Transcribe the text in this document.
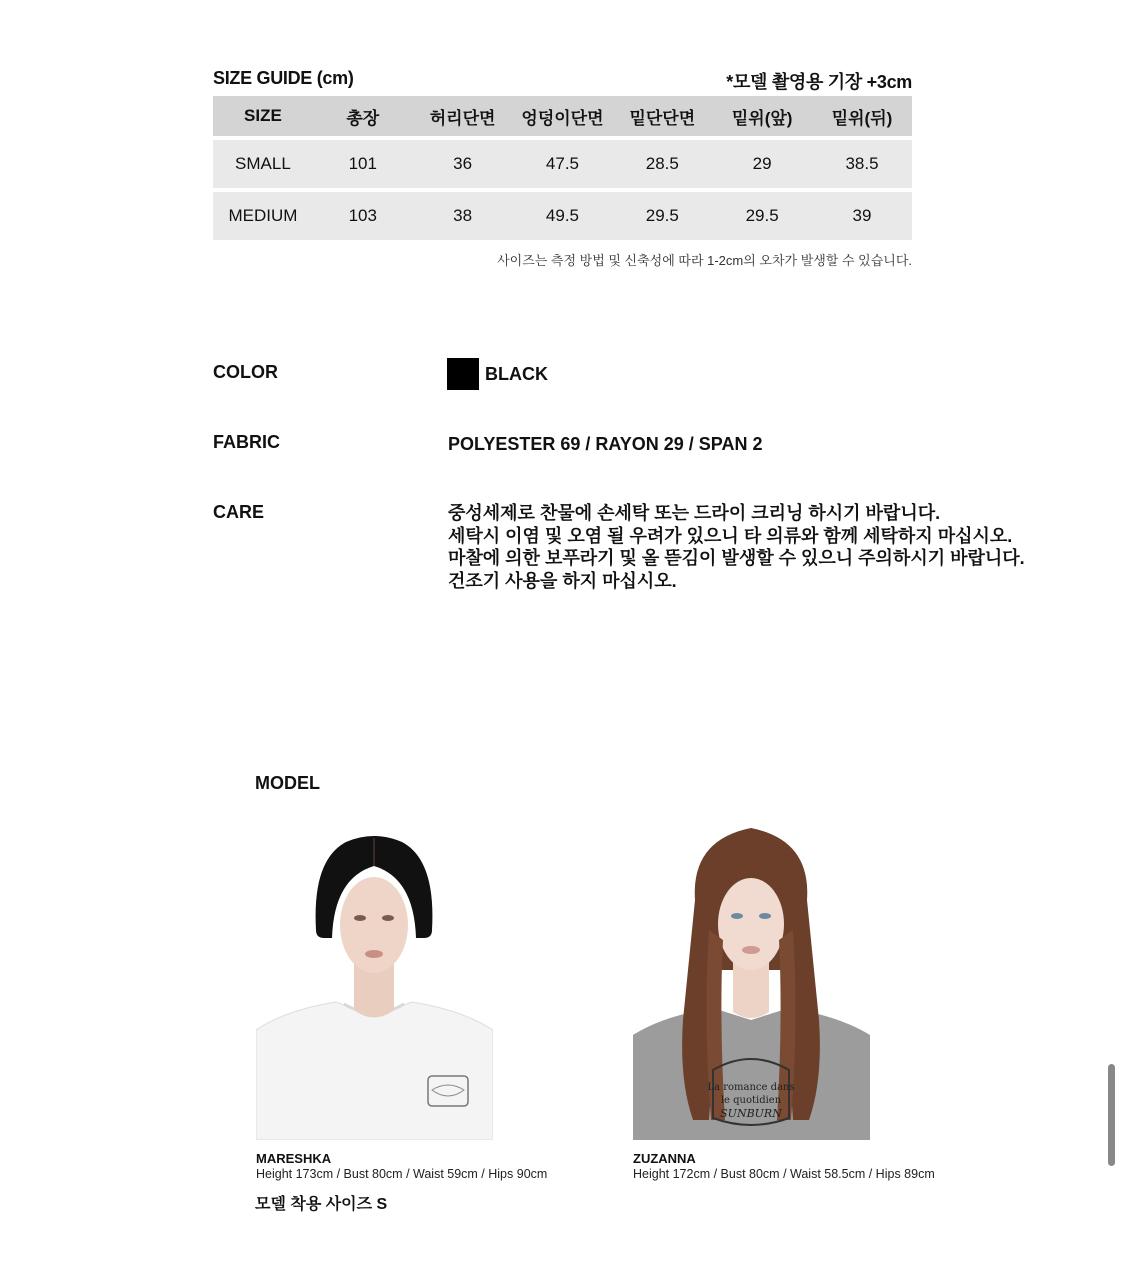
SIZE GUIDE (cm)	*모델 촬영용 기장 +3cm
SIZE	총장	허리단면	엉덩이단면	밑단단면	밑위(앞)	밑위(뒤)
SMALL	101	36	47.5	28.5	29	38.5
MEDIUM	103	38	49.5	29.5	29.5	39
사이즈는 측정 방법 및 신축성에 따라 1-2cm의 오차가 발생할 수 있습니다.
COLOR	BLACK
FABRIC	POLYESTER 69 / RAYON 29 / SPAN 2
CARE	중성세제로 찬물에 손세탁 또는 드라이 크리닝 하시기 바랍니다.
세탁시 이염 및 오염 될 우려가 있으니 타 의류와 함께 세탁하지 마십시오.
마찰에 의한 보푸라기 및 올 뜯김이 발생할 수 있으니 주의하시기 바랍니다.
건조기 사용을 하지 마십시오.
MODEL
La romance dans
le quotidien
SUNBURN
MARESHKA
Height 173cm / Bust 80cm / Waist 59cm / Hips 90cm
모델 착용 사이즈 S
ZUZANNA
Height 172cm / Bust 80cm / Waist 58.5cm / Hips 89cm
